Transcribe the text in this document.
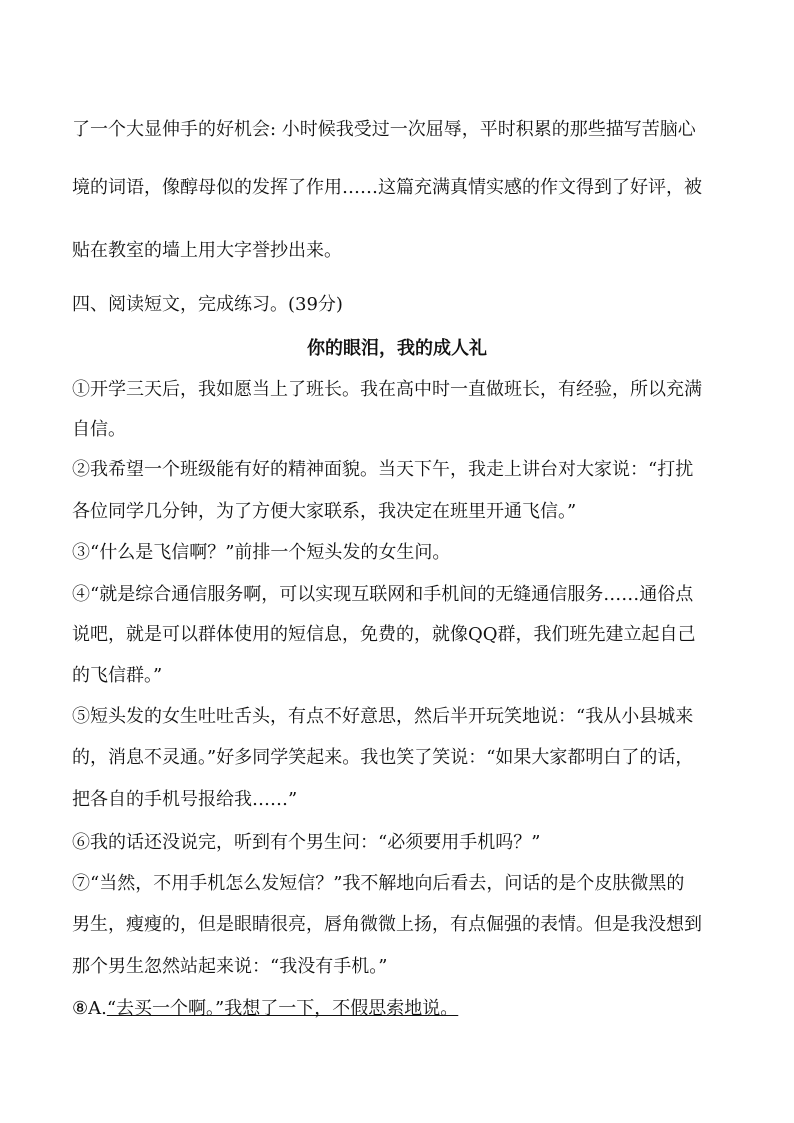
了一个大显伸手的好机会: 小时候我受过一次屈辱，平时积累的那些描写苦脑心
境的词语，像醇母似的发挥了作用……这篇充满真情实感的作文得到了好评，被
贴在教室的墙上用大字誉抄出来。
四、阅读短文，完成练习。(39分)
你的眼泪，我的成人礼
①开学三天后，我如愿当上了班长。我在高中时一直做班长，有经验，所以充满
自信。
②我希望一个班级能有好的精神面貌。当天下午，我走上讲台对大家说：“打扰
各位同学几分钟，为了方便大家联系，我决定在班里开通飞信。”
③“什么是飞信啊？”前排一个短头发的女生问。
④“就是综合通信服务啊，可以实现互联网和手机间的无缝通信服务……通俗点
说吧，就是可以群体使用的短信息，免费的，就像QQ群，我们班先建立起自己
的飞信群。”
⑤短头发的女生吐吐舌头，有点不好意思，然后半开玩笑地说：“我从小县城来
的，消息不灵通。”好多同学笑起来。我也笑了笑说：“如果大家都明白了的话，
把各自的手机号报给我……”
⑥我的话还没说完，听到有个男生问：“必须要用手机吗？”
⑦“当然，不用手机怎么发短信？”我不解地向后看去，问话的是个皮肤微黑的
男生，瘦瘦的，但是眼睛很亮，唇角微微上扬，有点倔强的表情。但是我没想到
那个男生忽然站起来说：“我没有手机。”
⑧A.“去买一个啊。”我想了一下，不假思索地说。
